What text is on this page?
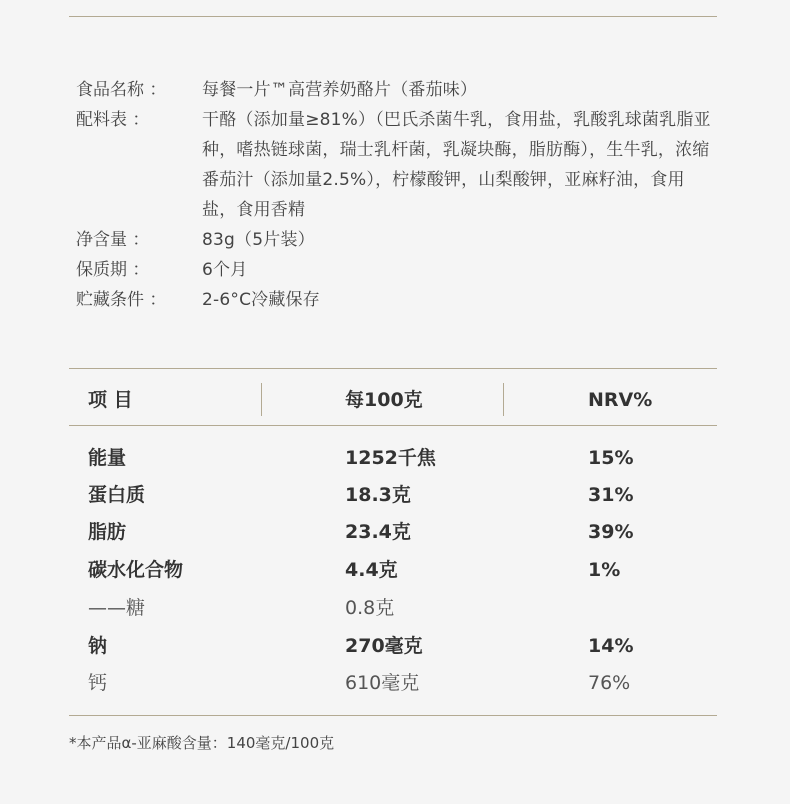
食品名称 ：	每餐一片™高营养奶酪片（番茄味）
配料表 ：	干酪（添加量≥81%）（巴氏杀菌牛乳，食用盐，乳酸乳球菌乳脂亚种，嗜热链球菌，瑞士乳杆菌，乳凝块酶，脂肪酶），生牛乳，浓缩番茄汁（添加量2.5%），柠檬酸钾，山梨酸钾，亚麻籽油，食用盐，食用香精
净含量 ：	83g（5片装）
保质期 ：	6个月
贮藏条件 ：	2-6°C冷藏保存
项 目	每100克	NRV%
能量	1252千焦	15%
蛋白质	18.3克	31%
脂肪	23.4克	39%
碳水化合物	4.4克	1%
——糖	0.8克
钠	270毫克	14%
钙	610毫克	76%
*本产品α-亚麻酸含量：140毫克/100克
